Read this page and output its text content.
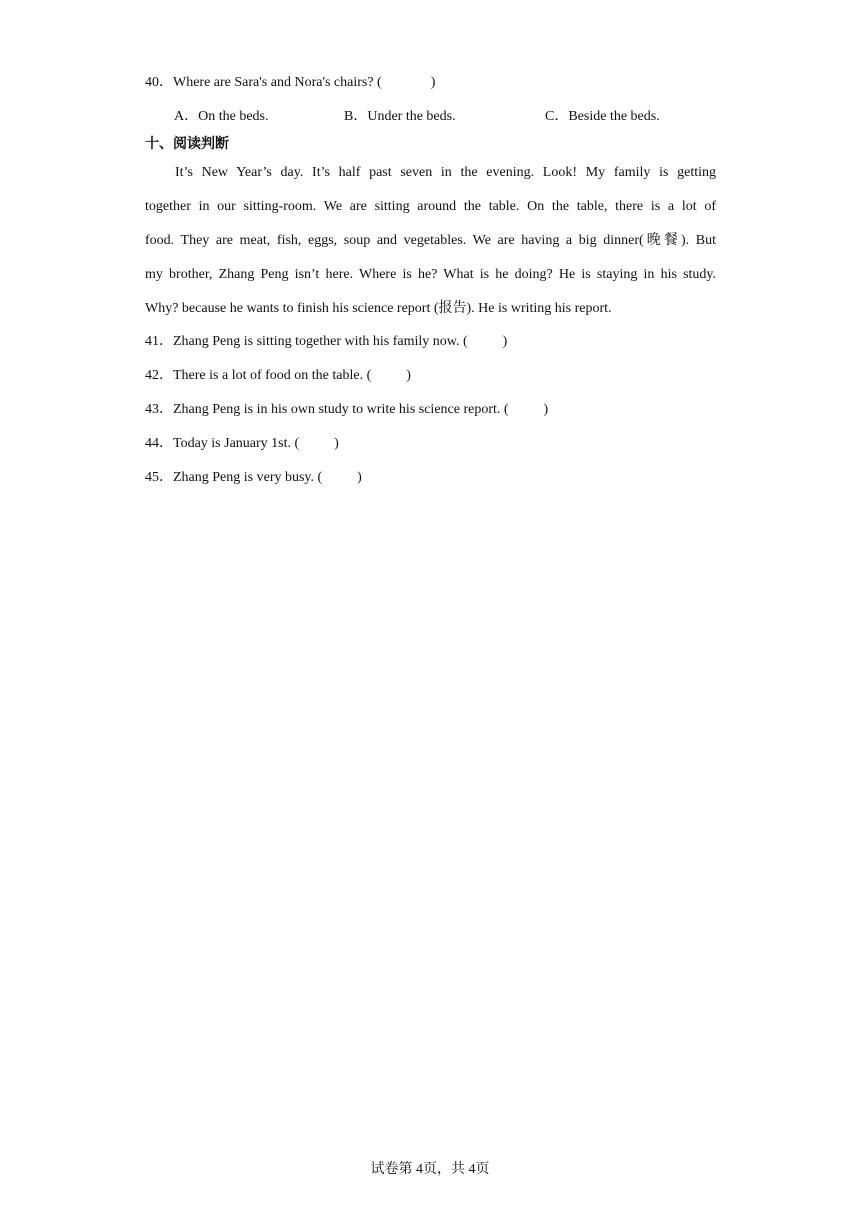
40．Where are Sara's and Nora's chairs? (              )
A．On the beds.	B．Under the beds.	C．Beside the beds.
十、阅读判断
It’s New Year’s day. It’s half past seven in the evening. Look! My family is getting
together in our sitting-room. We are sitting around the table. On the table, there is a lot of
food. They are meat, fish, eggs, soup and vegetables. We are having a big dinner(晚餐). But
my brother, Zhang Peng isn’t here. Where is he? What is he doing? He is staying in his study.
Why? because he wants to finish his science report (报告). He is writing his report.
41．Zhang Peng is sitting together with his family now. (          )
42．There is a lot of food on the table. (          )
43．Zhang Peng is in his own study to write his science report. (          )
44．Today is January 1st. (          )
45．Zhang Peng is very busy. (          )
试卷第 4页，共 4页
